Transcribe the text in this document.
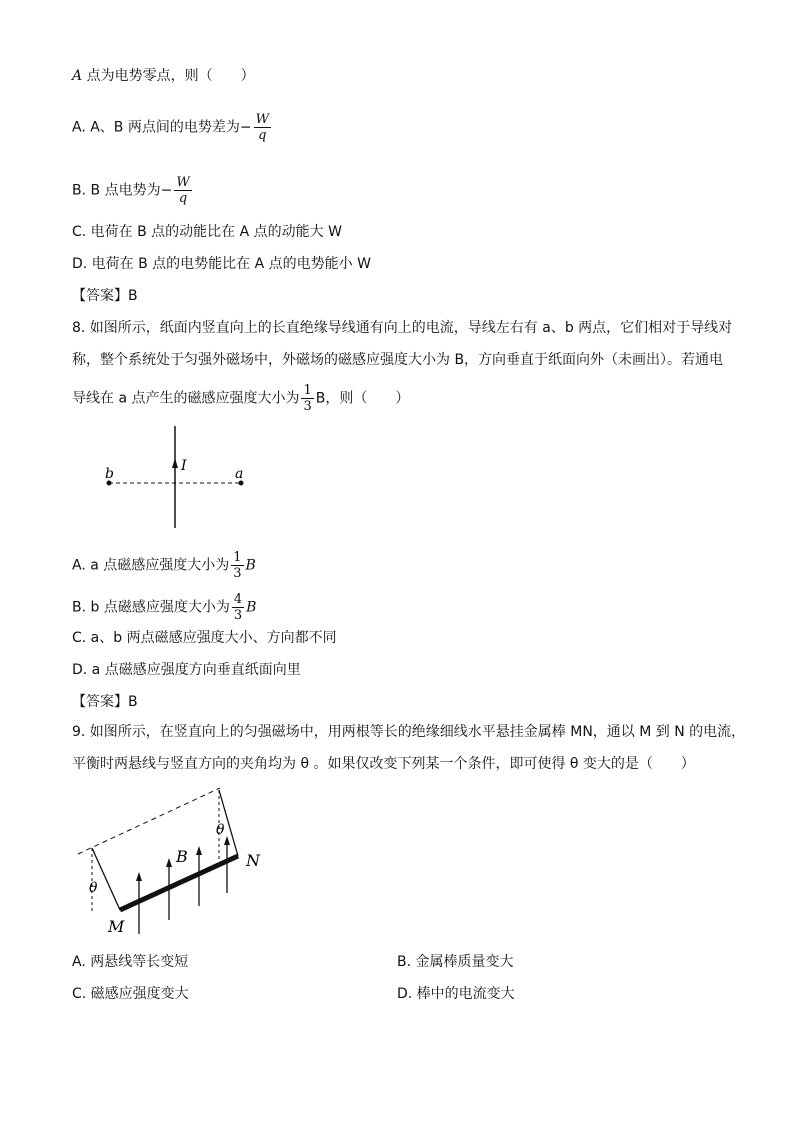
A 点为电势零点，则（　　）
A. A、B 两点间的电势差为− $\frac{W}{q}$
B. B 点电势为− $\frac{W}{q}$
C. 电荷在 B 点的动能比在 A 点的动能大 W
D. 电荷在 B 点的电势能比在 A 点的电势能小 W
【答案】B
8. 如图所示，纸面内竖直向上的长直绝缘导线通有向上的电流，导线左右有 a、b 两点，它们相对于导线对
称，整个系统处于匀强外磁场中，外磁场的磁感应强度大小为 B，方向垂直于纸面向外（未画出）。若通电
导线在 a 点产生的磁感应强度大小为 $\frac{1}{3}$ B，则（　　）
b	a
I
A. a 点磁感应强度大小为 $\frac{1}{3}$ B
B. b 点磁感应强度大小为 $\frac{4}{3}$ B
C. a、b 两点磁感应强度大小、方向都不同
D. a 点磁感应强度方向垂直纸面向里
【答案】B
9. 如图所示，在竖直向上的匀强磁场中，用两根等长的绝缘细线水平悬挂金属棒 MN，通以 M 到 N 的电流，
平衡时两悬线与竖直方向的夹角均为 θ 。如果仅改变下列某一个条件，即可使得 θ 变大的是（　　）
θ
θ
B
M
N
A. 两悬线等长变短	B. 金属棒质量变大
C. 磁感应强度变大	D. 棒中的电流变大
